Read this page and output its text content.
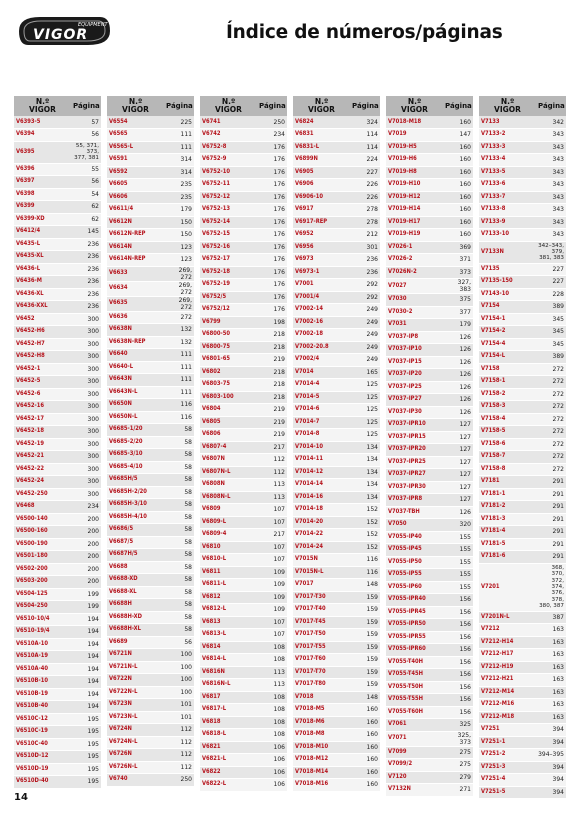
EQUIPMENT
VIGOR	Índice de números/páginas
N.º
VIGOR	Página
V6393-5	57
V6394	56
V6395	55, 371, 373, 377, 381
V6396	55
V6397	56
V6398	54
V6399	62
V6399-XD	62
V6412/4	145
V6435-L	236
V6435-XL	236
V6436-L	236
V6436-M	236
V6436-XL	236
V6436-XXL	236
V6452	300
V6452-H6	300
V6452-H7	300
V6452-H8	300
V6452-1	300
V6452-5	300
V6452-6	300
V6452-16	300
V6452-17	300
V6452-18	300
V6452-19	300
V6452-21	300
V6452-22	300
V6452-24	300
V6452-250	300
V6468	234
V6500-140	200
V6500-160	200
V6500-190	200
V6501-180	200
V6502-200	200
V6503-200	200
V6504-125	199
V6504-250	199
V6510-10/4	194
V6510-19/4	194
V6510A-10	194
V6510A-19	194
V6510A-40	194
V6510B-10	194
V6510B-19	194
V6510B-40	194
V6510C-12	195
V6510C-19	195
V6510C-40	195
V6510D-12	195
V6510D-19	195
V6510D-40	195
N.º
VIGOR	Página
V6554	225
V6565	111
V6565-L	111
V6591	314
V6592	314
V6605	235
V6606	235
V6611/4	179
V6612N	150
V6612N-REP	150
V6614N	123
V6614N-REP	123
V6633	269, 272
V6634	269, 272
V6635	269, 272
V6636	272
V6638N	132
V6638N-REP	132
V6640	111
V6640-L	111
V6643N	111
V6643N-L	111
V6650N	116
V6650N-L	116
V6685-1/20	58
V6685-2/20	58
V6685-3/10	58
V6685-4/10	58
V6685H/5	58
V6685H-2/20	58
V6685H-3/10	58
V6685H-4/10	58
V6686/5	58
V6687/5	58
V6687H/5	58
V6688	58
V6688-XD	58
V6688-XL	58
V6688H	58
V6688H-XD	58
V6688H-XL	58
V6689	56
V6721N	100
V6721N-L	100
V6722N	100
V6722N-L	100
V6723N	101
V6723N-L	101
V6724N	112
V6724N-L	112
V6726N	112
V6726N-L	112
V6740	250
N.º
VIGOR	Página
V6741	250
V6742	234
V6752-8	176
V6752-9	176
V6752-10	176
V6752-11	176
V6752-12	176
V6752-13	176
V6752-14	176
V6752-15	176
V6752-16	176
V6752-17	176
V6752-18	176
V6752-19	176
V6752/5	176
V6752/12	176
V6799	198
V6800-50	218
V6800-75	218
V6801-65	219
V6802	218
V6803-75	218
V6803-100	218
V6804	219
V6805	219
V6806	219
V6807-4	217
V6807N	112
V6807N-L	112
V6808N	113
V6808N-L	113
V6809	107
V6809-L	107
V6809-4	217
V6810	107
V6810-L	107
V6811	109
V6811-L	109
V6812	109
V6812-L	109
V6813	107
V6813-L	107
V6814	108
V6814-L	108
V6816N	113
V6816N-L	113
V6817	108
V6817-L	108
V6818	108
V6818-L	108
V6821	106
V6821-L	106
V6822	106
V6822-L	106
N.º
VIGOR	Página
V6824	324
V6831	114
V6831-L	114
V6899N	224
V6905	227
V6906	226
V6906-10	226
V6917	278
V6917-REP	278
V6952	212
V6956	301
V6973	236
V6973-1	236
V7001	292
V7001/4	292
V7002-14	249
V7002-16	249
V7002-18	249
V7002-20.8	249
V7002/4	249
V7014	165
V7014-4	125
V7014-5	125
V7014-6	125
V7014-7	125
V7014-8	125
V7014-10	134
V7014-11	134
V7014-12	134
V7014-14	134
V7014-16	134
V7014-18	152
V7014-20	152
V7014-22	152
V7014-24	152
V7015N	116
V7015N-L	116
V7017	148
V7017-T30	159
V7017-T40	159
V7017-T45	159
V7017-T50	159
V7017-T55	159
V7017-T60	159
V7017-T70	159
V7017-T80	159
V7018	148
V7018-M5	160
V7018-M6	160
V7018-M8	160
V7018-M10	160
V7018-M12	160
V7018-M14	160
V7018-M16	160
N.º
VIGOR	Página
V7018-M18	160
V7019	147
V7019-H5	160
V7019-H6	160
V7019-H8	160
V7019-H10	160
V7019-H12	160
V7019-H14	160
V7019-H17	160
V7019-H19	160
V7026-1	369
V7026-2	371
V7026N-2	373
V7027	327, 383
V7030	375
V7030-2	377
V7031	179
V7037-IP8	126
V7037-IP10	126
V7037-IP15	126
V7037-IP20	126
V7037-IP25	126
V7037-IP27	126
V7037-IP30	126
V7037-IPR10	127
V7037-IPR15	127
V7037-IPR20	127
V7037-IPR25	127
V7037-IPR27	127
V7037-IPR30	127
V7037-IPR8	127
V7037-TBH	126
V7050	320
V7055-IP40	155
V7055-IP45	155
V7055-IP50	155
V7055-IP55	155
V7055-IP60	155
V7055-IPR40	156
V7055-IPR45	156
V7055-IPR50	156
V7055-IPR55	156
V7055-IPR60	156
V7055-T40H	156
V7055-T45H	156
V7055-T50H	156
V7055-T55H	156
V7055-T60H	156
V7061	325
V7071	325, 373
V7099	275
V7099/2	275
V7120	279
V7132N	271
N.º
VIGOR	Página
V7133	342
V7133-2	343
V7133-3	343
V7133-4	343
V7133-5	343
V7133-6	343
V7133-7	343
V7133-8	343
V7133-9	343
V7133-10	343
V7133N	342–343, 379, 381, 383
V7135	227
V7135-150	227
V7143-10	228
V7154	389
V7154-1	345
V7154-2	345
V7154-4	345
V7154-L	389
V7158	272
V7158-1	272
V7158-2	272
V7158-3	272
V7158-4	272
V7158-5	272
V7158-6	272
V7158-7	272
V7158-8	272
V7181	291
V7181-1	291
V7181-2	291
V7181-3	291
V7181-4	291
V7181-5	291
V7181-6	291
V7201	368, 370, 372, 374, 376, 378, 380, 387
V7201N-L	387
V7212	163
V7212-H14	163
V7212-H17	163
V7212-H19	163
V7212-H21	163
V7212-M14	163
V7212-M16	163
V7212-M18	163
V7251	394
V7251-1	394
V7251-2	394–395
V7251-3	394
V7251-4	394
V7251-5	394
14
